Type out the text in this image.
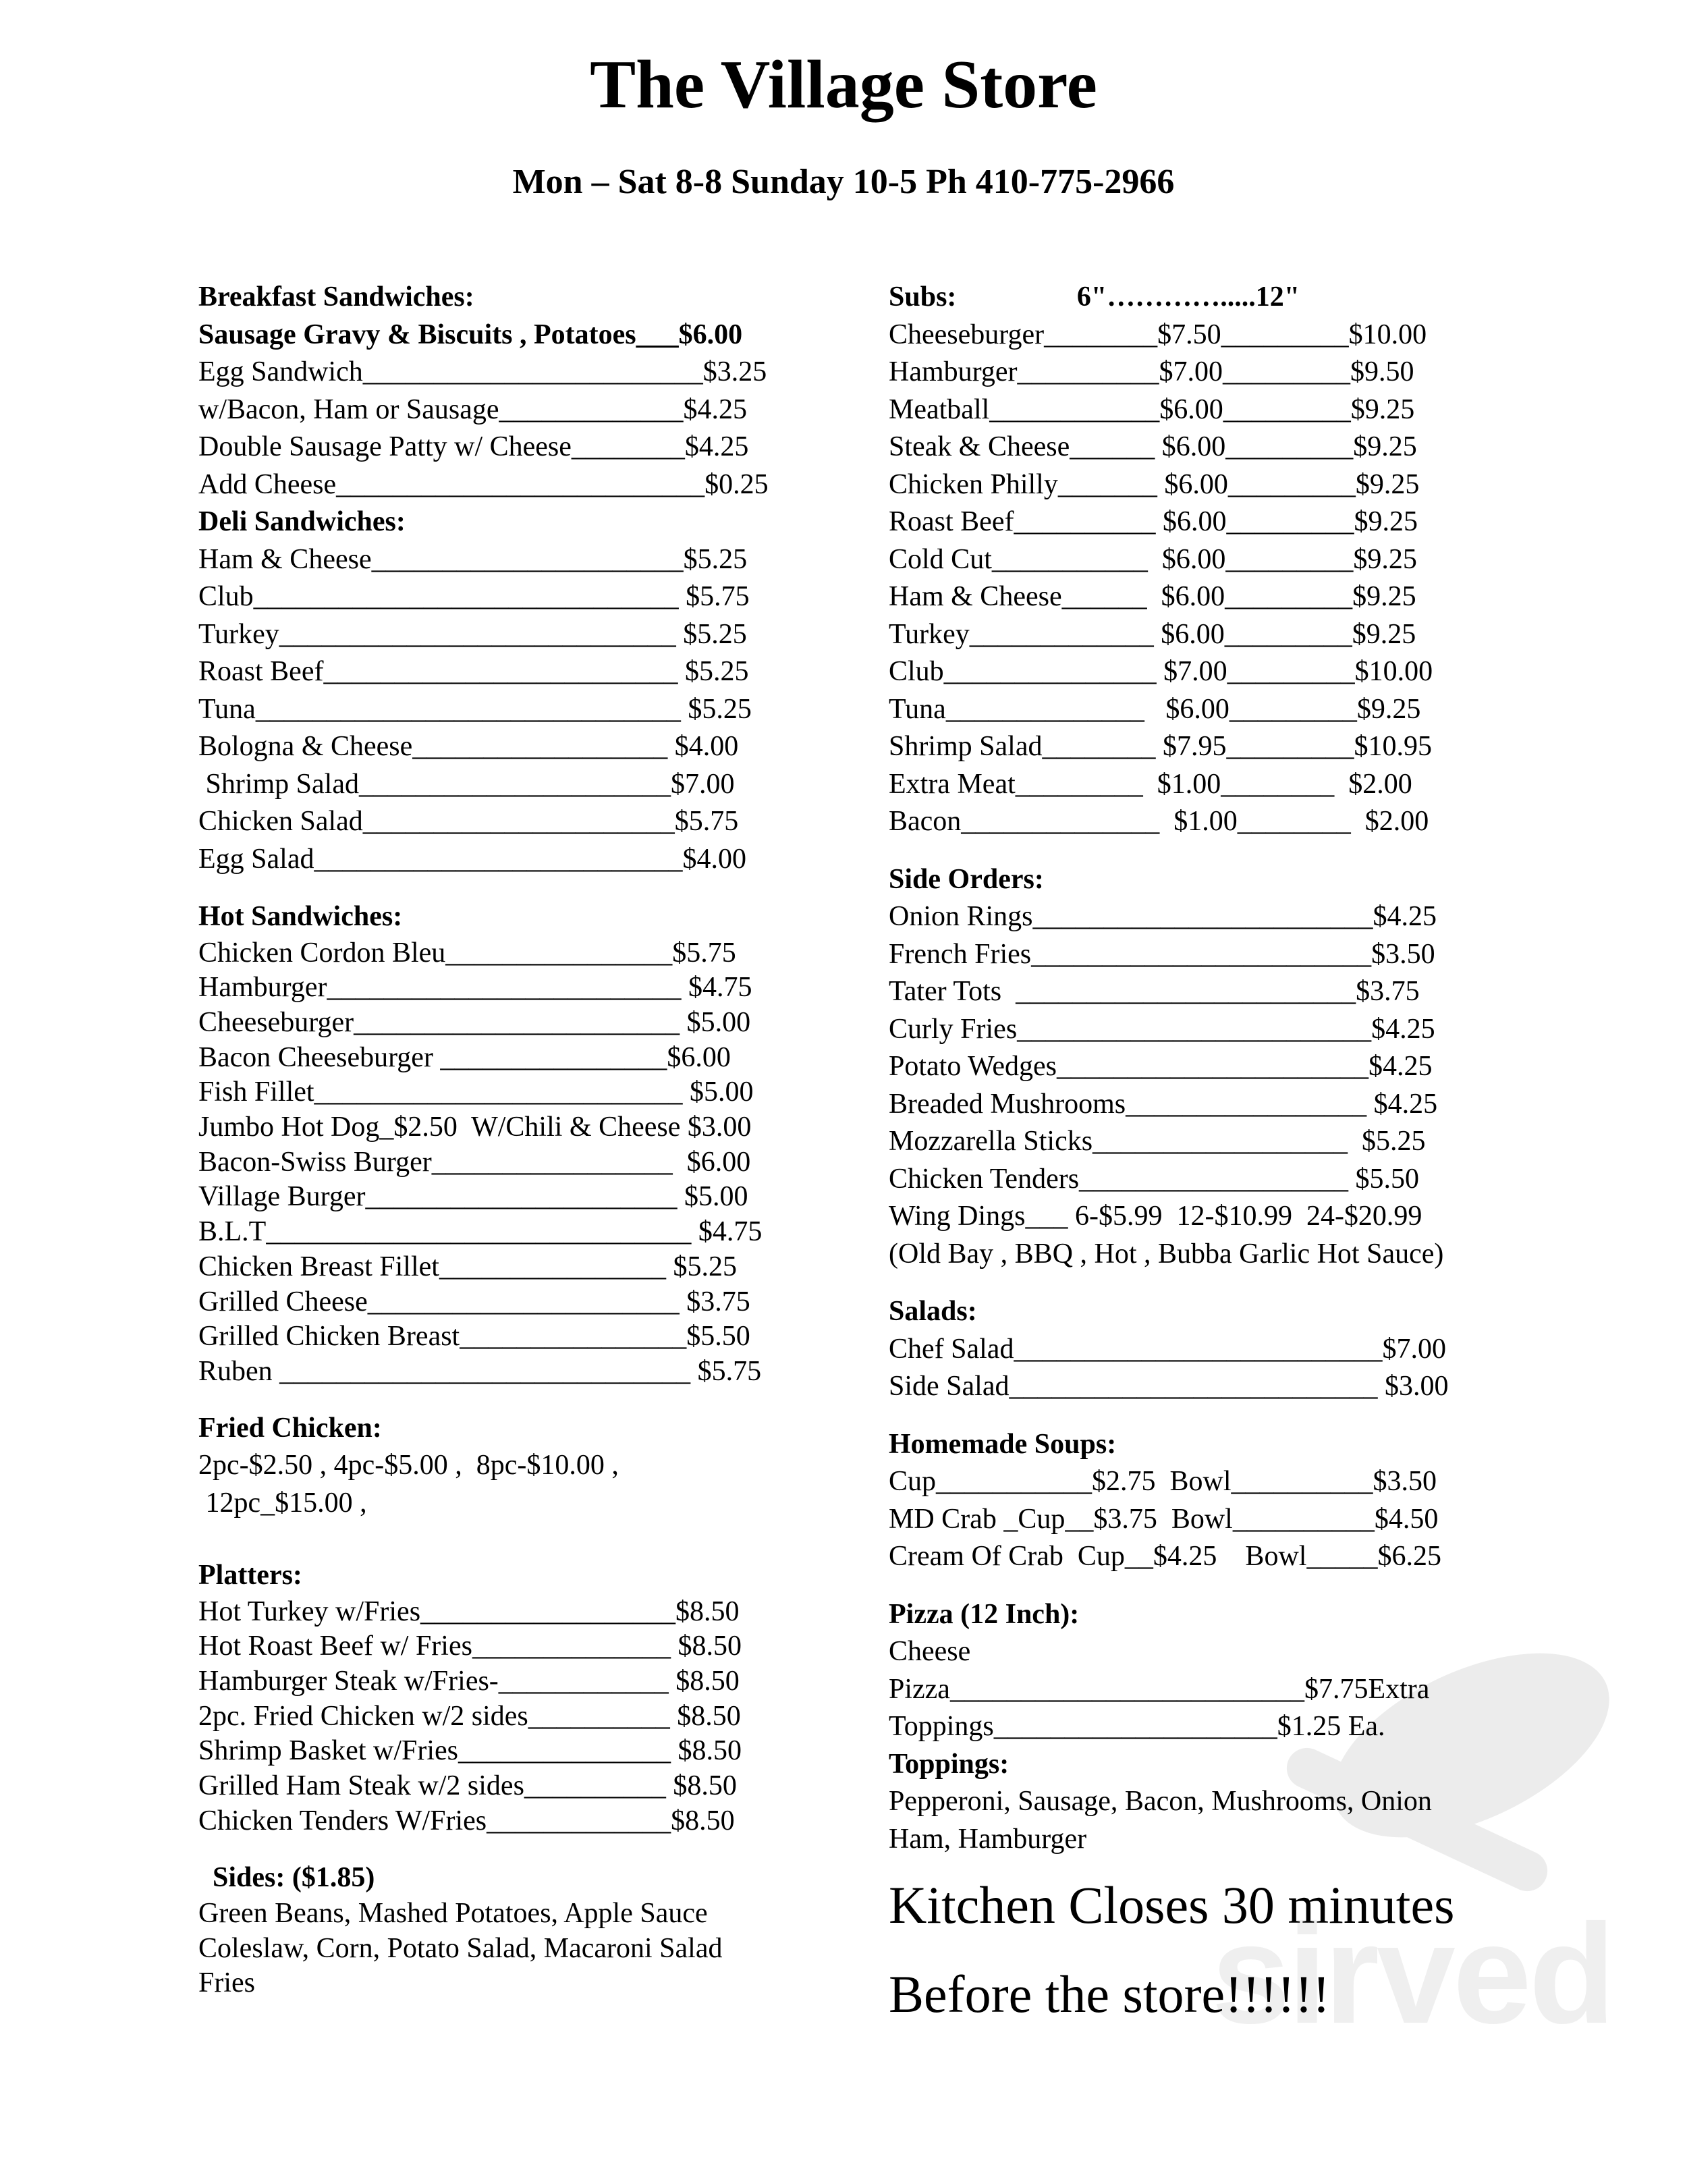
The Village Store
Mon – Sat 8-8 Sunday 10-5 Ph 410-775-2966
Breakfast Sandwiches:
Sausage Gravy & Biscuits , Potatoes___$6.00
Egg Sandwich________________________$3.25
w/Bacon, Ham or Sausage_____________$4.25
Double Sausage Patty w/ Cheese________$4.25
Add Cheese__________________________$0.25
Deli Sandwiches:
Ham & Cheese______________________$5.25
Club______________________________ $5.75
Turkey____________________________ $5.25
Roast Beef_________________________ $5.25
Tuna______________________________ $5.25
Bologna & Cheese__________________ $4.00
Shrimp Salad______________________$7.00
Chicken Salad______________________$5.75
Egg Salad__________________________$4.00
Hot Sandwiches:
Chicken Cordon Bleu________________$5.75
Hamburger_________________________ $4.75
Cheeseburger_______________________ $5.00
Bacon Cheeseburger ________________$6.00
Fish Fillet__________________________ $5.00
Jumbo Hot Dog_$2.50  W/Chili & Cheese $3.00
Bacon-Swiss Burger_________________  $6.00
Village Burger______________________ $5.00
B.L.T______________________________ $4.75
Chicken Breast Fillet________________ $5.25
Grilled Cheese______________________ $3.75
Grilled Chicken Breast________________$5.50
Ruben _____________________________ $5.75
Fried Chicken:
2pc-$2.50 , 4pc-$5.00 ,  8pc-$10.00 ,
12pc_$15.00 ,
Platters:
Hot Turkey w/Fries__________________$8.50
Hot Roast Beef w/ Fries______________ $8.50
Hamburger Steak w/Fries-____________ $8.50
2pc. Fried Chicken w/2 sides__________ $8.50
Shrimp Basket w/Fries_______________ $8.50
Grilled Ham Steak w/2 sides__________ $8.50
Chicken Tenders W/Fries_____________$8.50
Sides: ($1.85)
Green Beans, Mashed Potatoes, Apple Sauce
Coleslaw, Corn, Potato Salad, Macaroni Salad
Fries
Subs:                 6"………….....12"
Cheeseburger________$7.50_________$10.00
Hamburger__________$7.00_________$9.50
Meatball____________$6.00_________$9.25
Steak & Cheese______ $6.00_________$9.25
Chicken Philly_______ $6.00_________$9.25
Roast Beef__________ $6.00_________$9.25
Cold Cut___________  $6.00_________$9.25
Ham & Cheese______  $6.00_________$9.25
Turkey_____________ $6.00_________$9.25
Club_______________ $7.00_________$10.00
Tuna______________   $6.00_________$9.25
Shrimp Salad________ $7.95_________$10.95
Extra Meat_________  $1.00________  $2.00
Bacon______________  $1.00________  $2.00
Side Orders:
Onion Rings________________________$4.25
French Fries________________________$3.50
Tater Tots  ________________________$3.75
Curly Fries_________________________$4.25
Potato Wedges______________________$4.25
Breaded Mushrooms_________________ $4.25
Mozzarella Sticks__________________  $5.25
Chicken Tenders___________________ $5.50
Wing Dings___ 6-$5.99  12-$10.99  24-$20.99
(Old Bay , BBQ , Hot , Bubba Garlic Hot Sauce)
Salads:
Chef Salad__________________________$7.00
Side Salad__________________________ $3.00
Homemade Soups:
Cup___________$2.75  Bowl__________$3.50
MD Crab _Cup__$3.75  Bowl__________$4.50
Cream Of Crab  Cup__$4.25    Bowl_____$6.25
Pizza (12 Inch):
Cheese
Pizza_________________________$7.75Extra
Toppings____________________$1.25 Ea.
Toppings:
Pepperoni, Sausage, Bacon, Mushrooms, Onion
Ham, Hamburger
Kitchen Closes 30 minutes
Before the store!!!!!!
sirved
